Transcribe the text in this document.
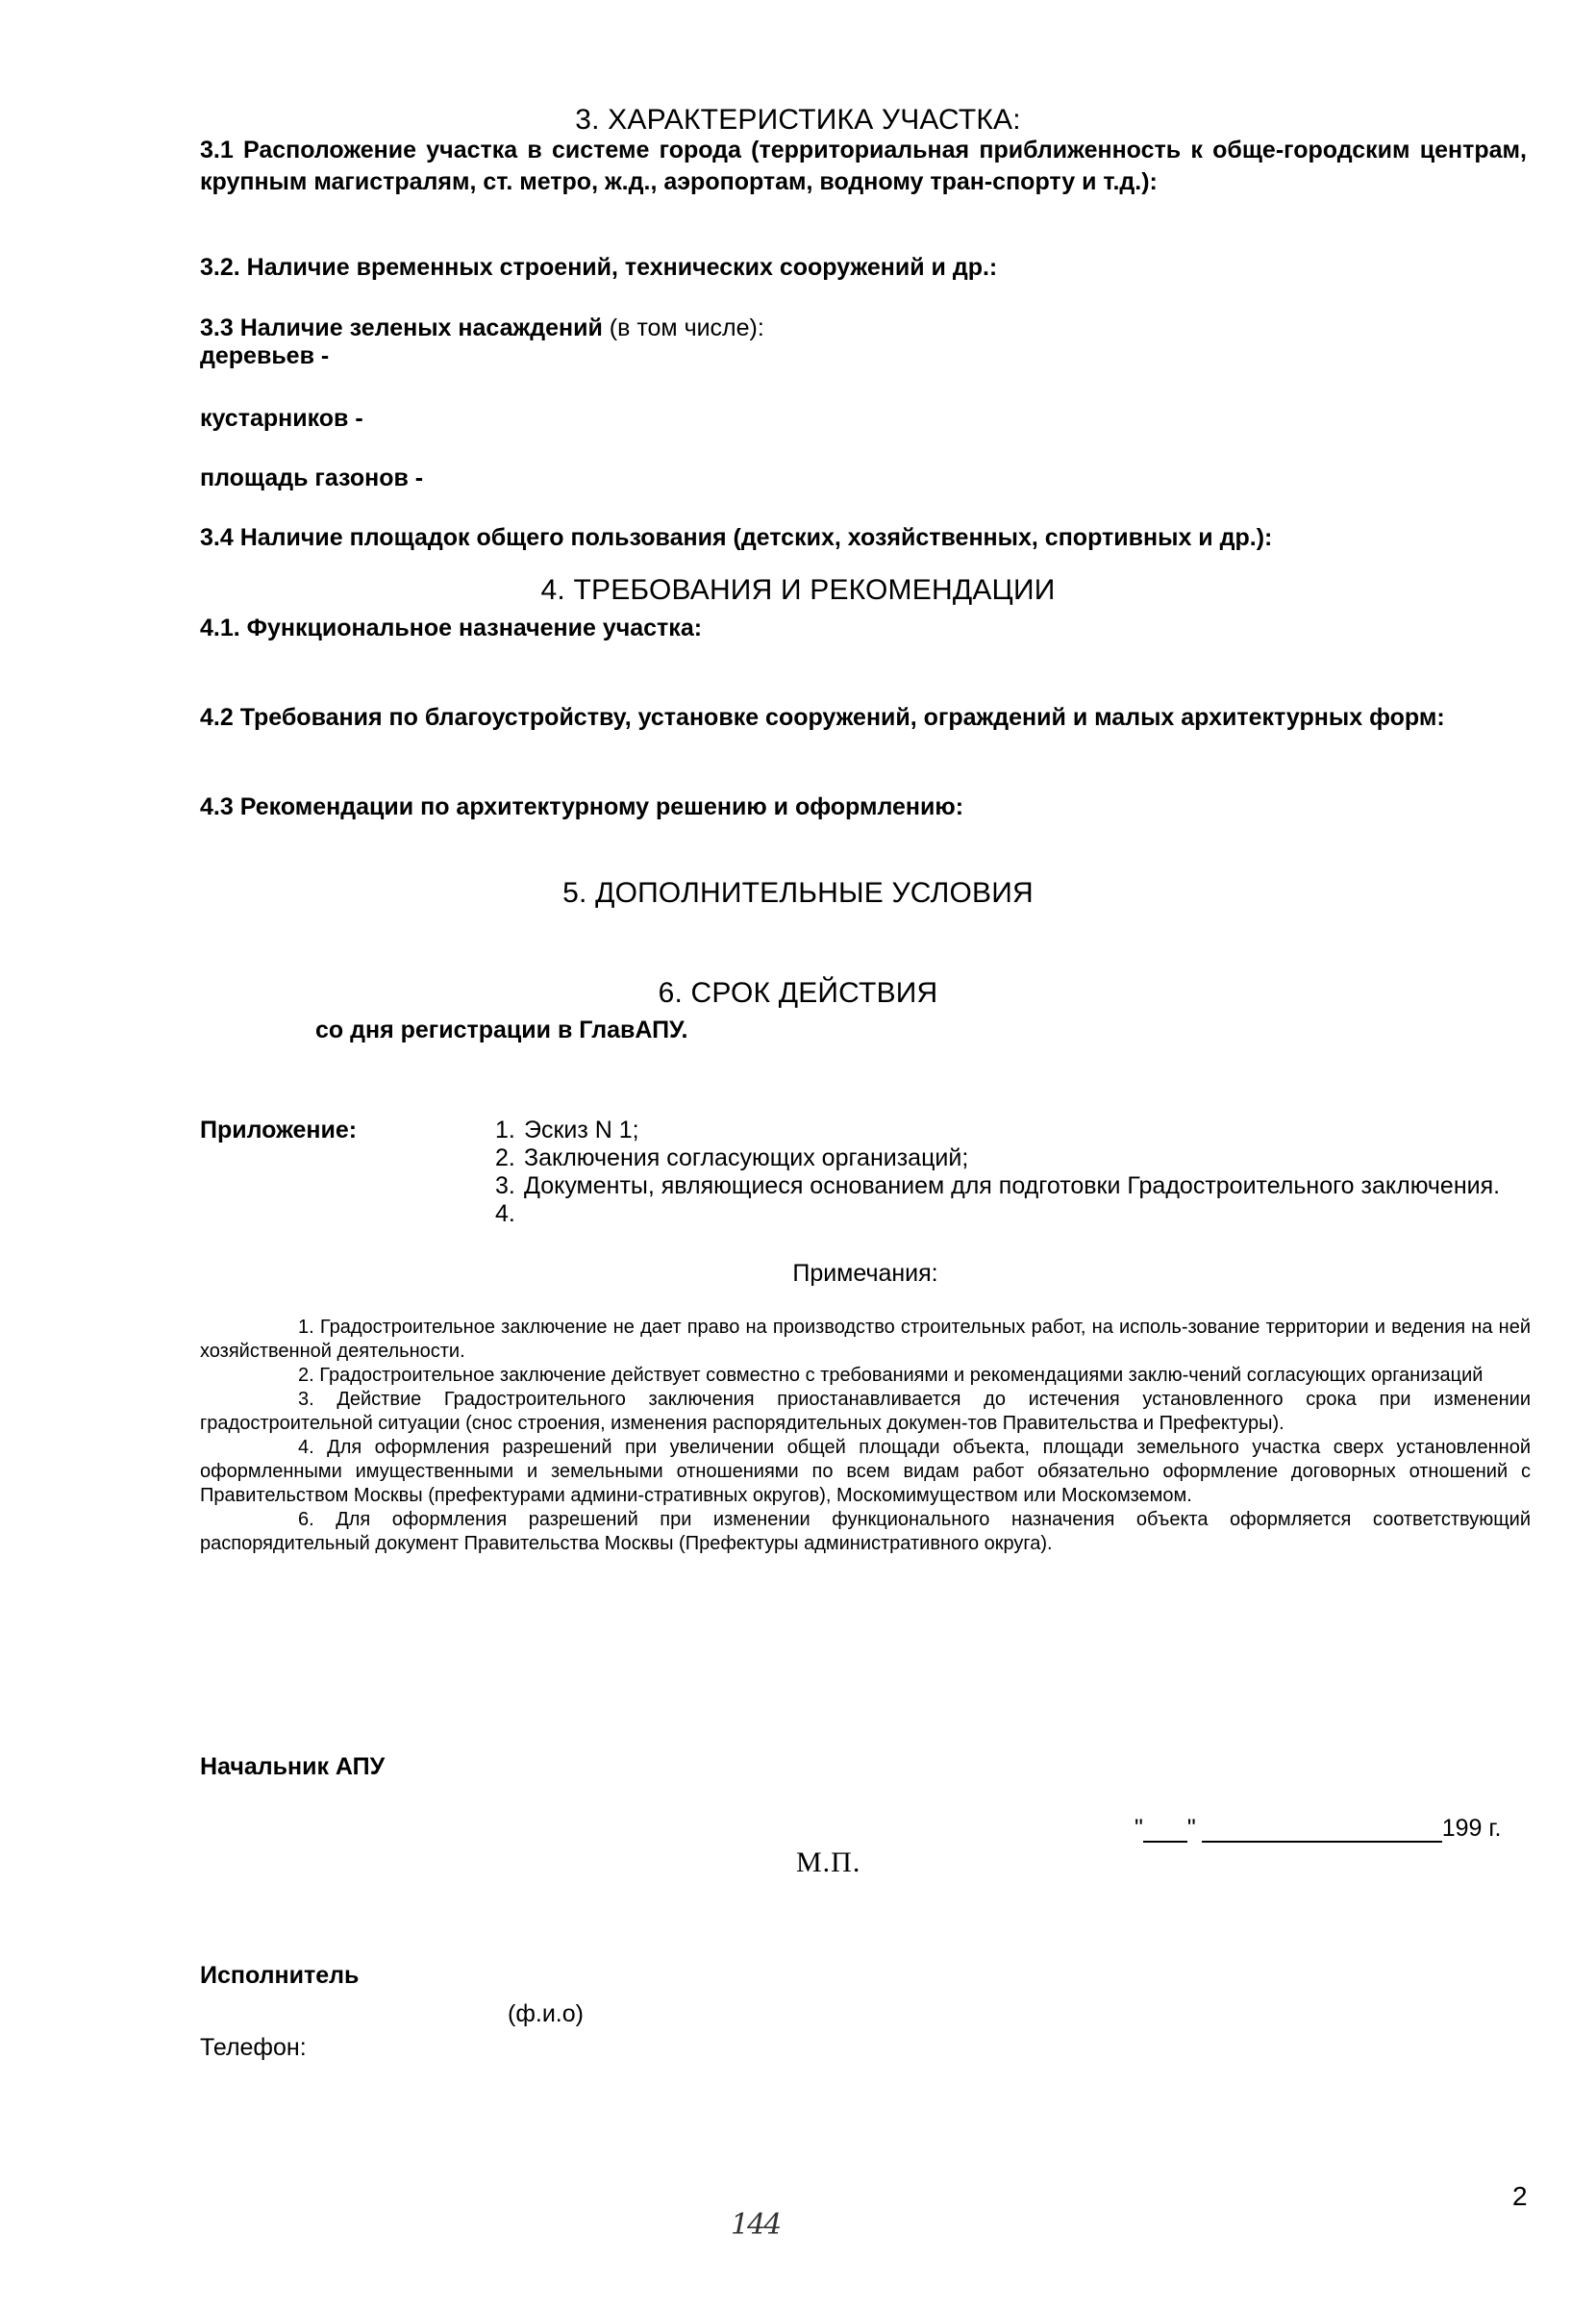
3. ХАРАКТЕРИСТИКА УЧАСТКА:
3.1 Расположение участка в системе города (территориальная приближенность к обще-городским центрам, крупным магистралям, ст. метро, ж.д., аэропортам, водному тран-спорту и т.д.):
3.2. Наличие временных строений, технических сооружений и др.:
3.3 Наличие зеленых насаждений (в том числе):
деревьев -
кустарников -
площадь газонов -
3.4 Наличие площадок общего пользования (детских, хозяйственных, спортивных и др.):
4. ТРЕБОВАНИЯ И РЕКОМЕНДАЦИИ
4.1. Функциональное назначение участка:
4.2 Требования по благоустройству, установке сооружений, ограждений и малых архитектурных форм:
4.3 Рекомендации по архитектурному решению и оформлению:
5. ДОПОЛНИТЕЛЬНЫЕ УСЛОВИЯ
6. СРОК ДЕЙСТВИЯ
со дня регистрации в ГлавАПУ.
Приложение:	1. Эскиз N 1;
2. Заключения согласующих организаций;
3. Документы, являющиеся основанием для подготовки Градостроительного заключения.
4.
Примечания:

1. Градостроительное заключение не дает право на производство строительных работ, на исполь-зование территории и ведения на ней хозяйственной деятельности.

2. Градостроительное заключение действует совместно с требованиями и рекомендациями заклю-чений согласующих организаций

3. Действие Градостроительного заключения приостанавливается до истечения установленного срока при изменении градостроительной ситуации (снос строения, изменения распорядительных докумен-тов Правительства и Префектуры).

4. Для оформления разрешений при увеличении общей площади объекта, площади земельного участка сверх установленной оформленными имущественными и земельными отношениями по всем видам работ обязательно оформление договорных отношений с Правительством Москвы (префектурами админи-стративных округов), Москомимуществом или Москомземом.

6. Для оформления разрешений при изменении функционального назначения объекта оформляется соответствующий распорядительный документ Правительства Москвы (Префектуры административного округа).

Начальник АПУ
" "	199 г.
М.П.
Исполнитель
(ф.и.о)
Телефон:
2
144
